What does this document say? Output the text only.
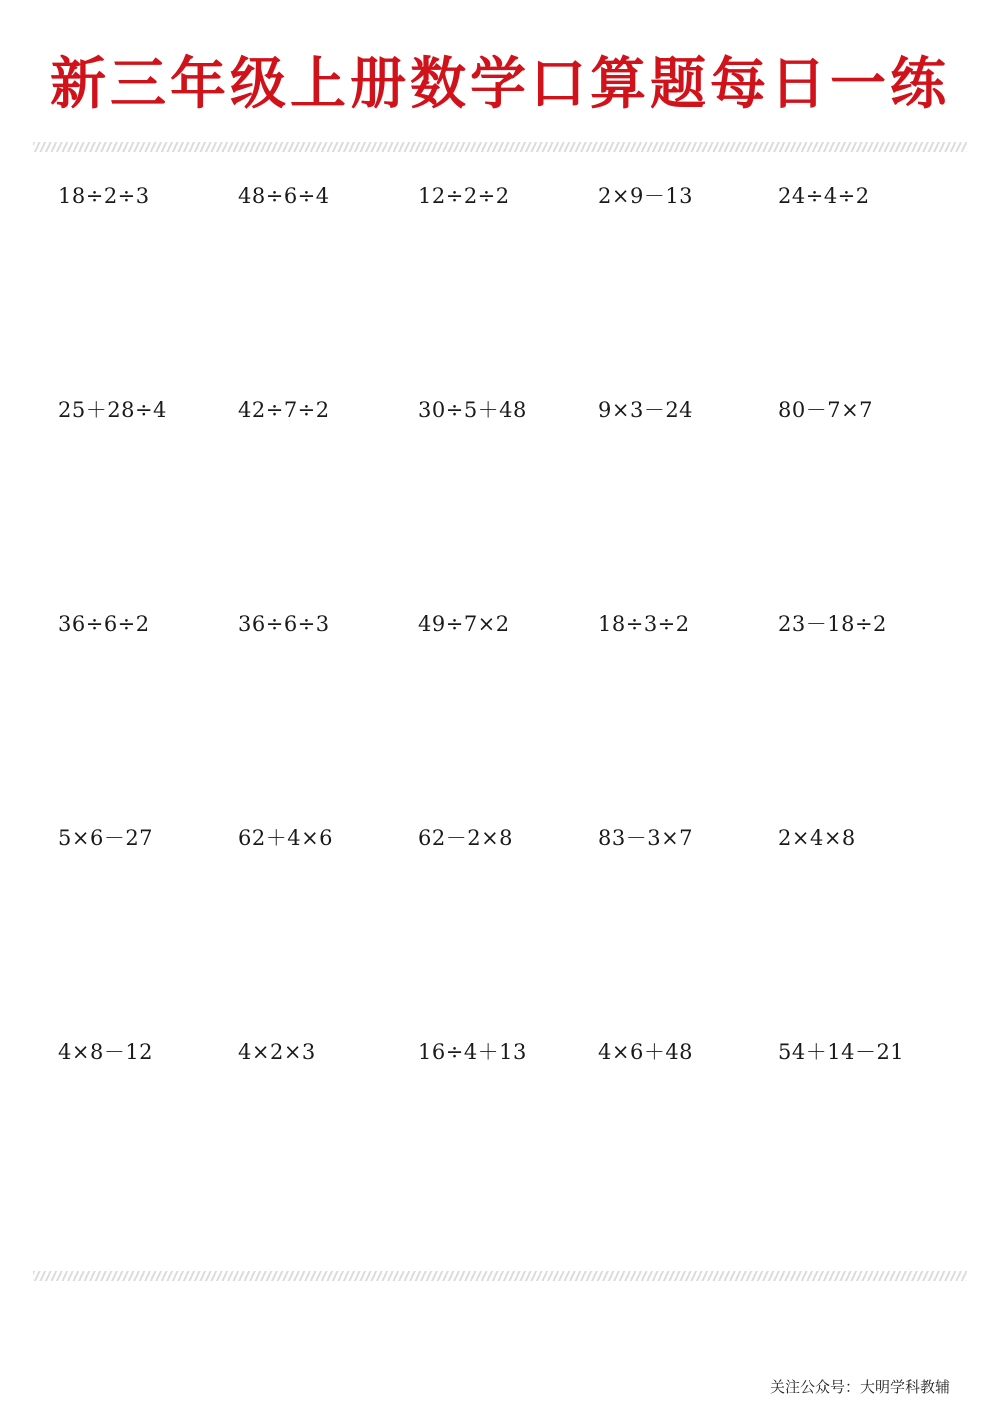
新三年级上册数学口算题每日一练
18÷2÷3	48÷6÷4	12÷2÷2	2×9－13	24÷4÷2
25＋28÷4	42÷7÷2	30÷5＋48	9×3－24	80－7×7
36÷6÷2	36÷6÷3	49÷7×2	18÷3÷2	23－18÷2
5×6－27	62＋4×6	62－2×8	83－3×7	2×4×8
4×8－12	4×2×3	16÷4＋13	4×6＋48	54＋14－21
关注公众号：大明学科教辅
